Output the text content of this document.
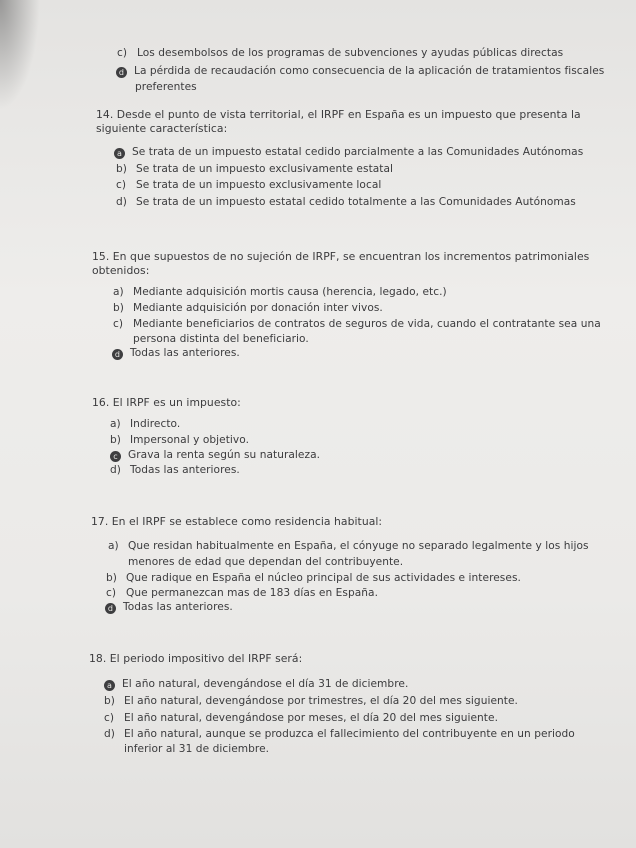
c) Los desembolsos de los programas de subvenciones y ayudas públicas directas
d La pérdida de recaudación como consecuencia de la aplicación de tratamientos fiscales
preferentes
14. Desde el punto de vista territorial, el IRPF en España es un impuesto que presenta la
siguiente característica:
a Se trata de un impuesto estatal cedido parcialmente a las Comunidades Autónomas
b) Se trata de un impuesto exclusivamente estatal
c) Se trata de un impuesto exclusivamente local
d) Se trata de un impuesto estatal cedido totalmente a las Comunidades Autónomas
15. En que supuestos de no sujeción de IRPF, se encuentran los incrementos patrimoniales
obtenidos:
a) Mediante adquisición mortis causa (herencia, legado, etc.)
b) Mediante adquisición por donación inter vivos.
c) Mediante beneficiarios de contratos de seguros de vida, cuando el contratante sea una
persona distinta del beneficiario.
d Todas las anteriores.
16. El IRPF es un impuesto:
a) Indirecto.
b) Impersonal y objetivo.
c Grava la renta según su naturaleza.
d) Todas las anteriores.
17. En el IRPF se establece como residencia habitual:
a) Que residan habitualmente en España, el cónyuge no separado legalmente y los hijos
menores de edad que dependan del contribuyente.
b) Que radique en España el núcleo principal de sus actividades e intereses.
c) Que permanezcan mas de 183 días en España.
d Todas las anteriores.
18. El periodo impositivo del IRPF será:
a El año natural, devengándose el día 31 de diciembre.
b) El año natural, devengándose por trimestres, el día 20 del mes siguiente.
c) El año natural, devengándose por meses, el día 20 del mes siguiente.
d) El año natural, aunque se produzca el fallecimiento del contribuyente en un periodo
inferior al 31 de diciembre.
